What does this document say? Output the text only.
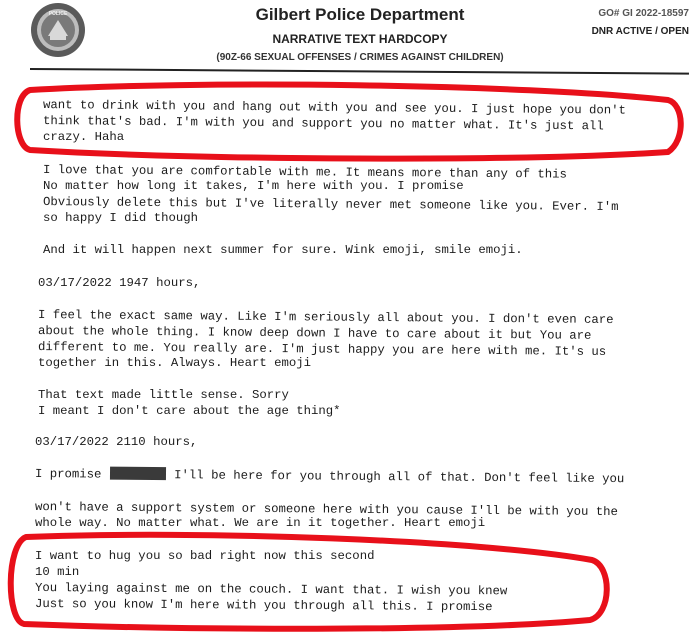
POLICE	Gilbert Police Department
NARRATIVE TEXT HARDCOPY
(90Z-66 SEXUAL OFFENSES / CRIMES AGAINST CHILDREN)
GO# GI 2022-18597
DNR ACTIVE / OPEN
want to drink with you and hang out with you and see you. I just hope you don't
think that's bad. I'm with you and support you no matter what. It's just all
crazy. Haha
I love that you are comfortable with me. It means more than any of this
No matter how long it takes, I'm here with you. I promise
Obviously delete this but I've literally never met someone like you. Ever. I'm
so happy I did though
And it will happen next summer for sure. Wink emoji, smile emoji.
03/17/2022 1947 hours,
I feel the exact same way. Like I'm seriously all about you. I don't even care
about the whole thing. I know deep down I have to care about it but You are
different to me. You really are. I'm just happy you are here with me. It's us
together in this. Always. Heart emoji
That text made little sense. Sorry
I meant I don't care about the age thing*
03/17/2022 2110 hours,
I promise	I'll be here for you through all of that. Don't feel like you
won't have a support system or someone here with you cause I'll be with you the
whole way. No matter what. We are in it together. Heart emoji
I want to hug you so bad right now this second
10 min
You laying against me on the couch. I want that. I wish you knew
Just so you know I'm here with you through all this. I promise
